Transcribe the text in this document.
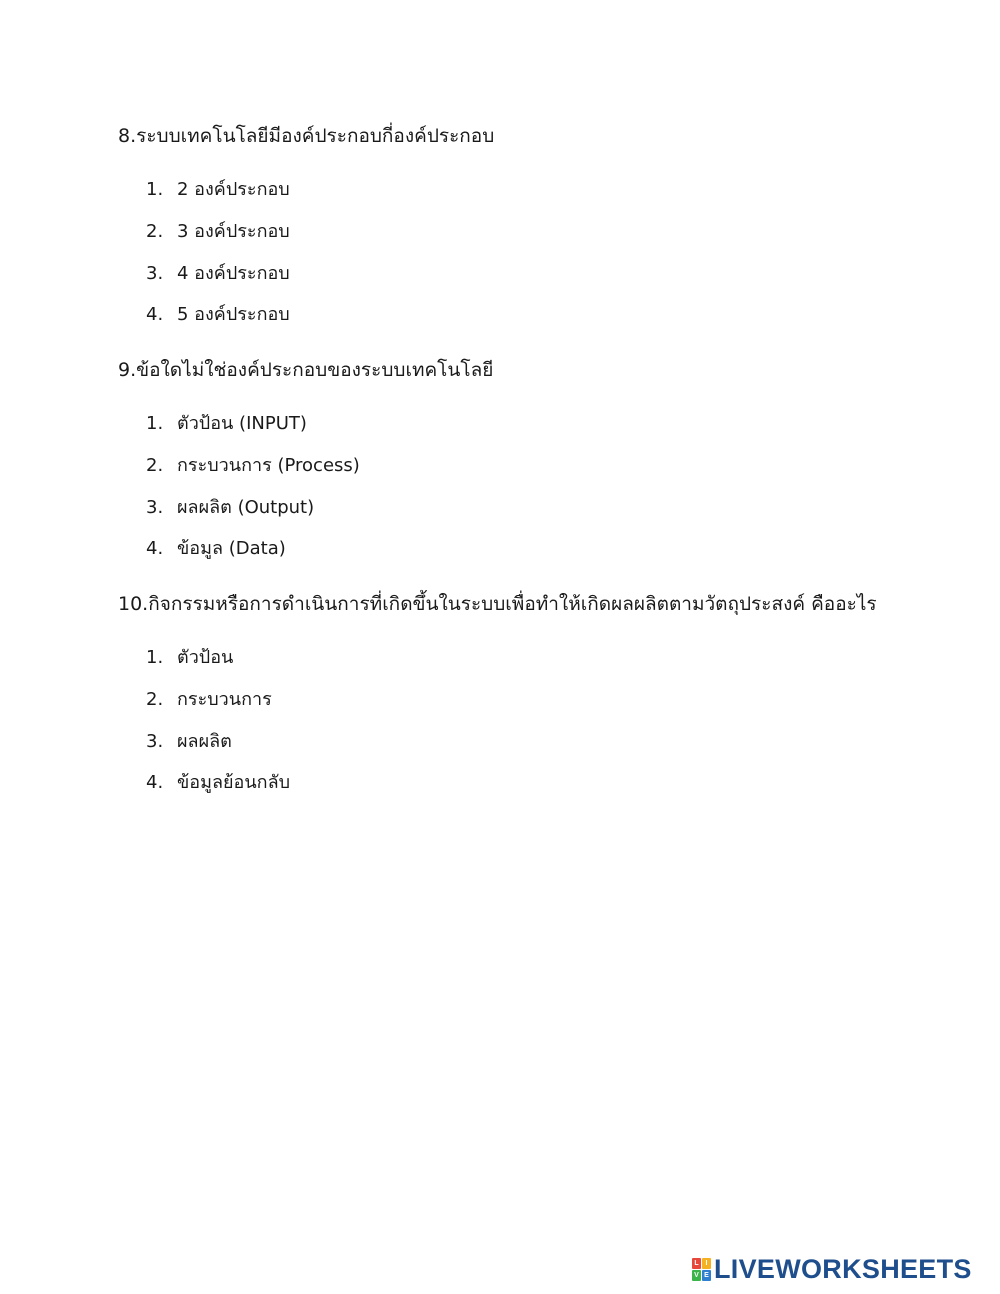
8.ระบบเทคโนโลยีมีองค์ประกอบกี่องค์ประกอบ
1. 2 องค์ประกอบ
2. 3 องค์ประกอบ
3. 4 องค์ประกอบ
4. 5 องค์ประกอบ
9.ข้อใดไม่ใช่องค์ประกอบของระบบเทคโนโลยี
1. ตัวป้อน (INPUT)
2. กระบวนการ (Process)
3. ผลผลิต (Output)
4. ข้อมูล (Data)
10.กิจกรรมหรือการดำเนินการที่เกิดขึ้นในระบบเพื่อทำให้เกิดผลผลิตตามวัตถุประสงค์ คืออะไร
1. ตัวป้อน
2. กระบวนการ
3. ผลผลิต
4. ข้อมูลย้อนกลับ
L I
V E LIVEWORKSHEETS
